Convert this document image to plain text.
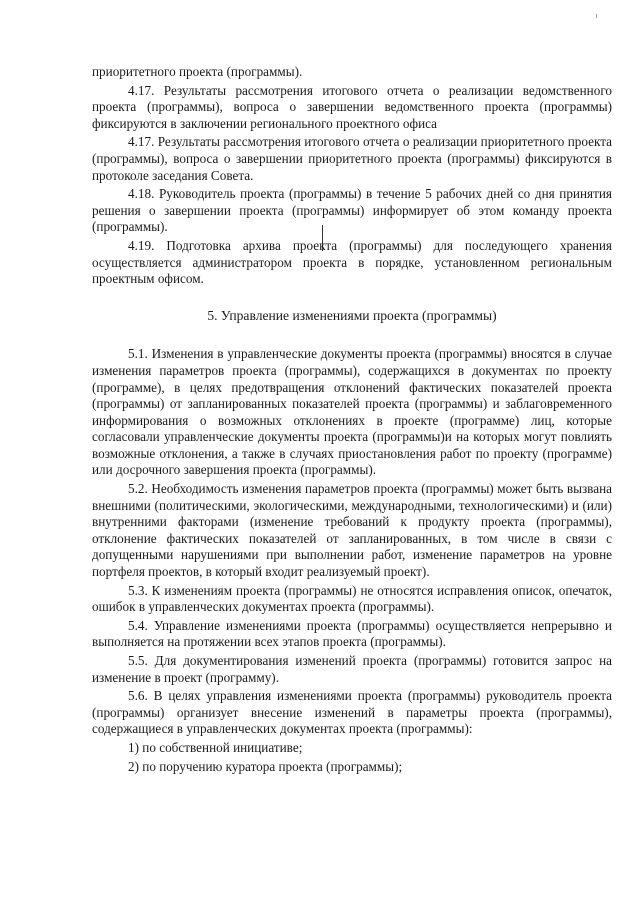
приоритетного проекта (программы).

4.17. Результаты рассмотрения итогового отчета о реализации ведомственного проекта (программы), вопроса о завершении ведомственного проекта (программы) фиксируются в заключении регионального проектного офиса

4.17. Результаты рассмотрения итогового отчета о реализации приоритетного проекта (программы), вопроса о завершении приоритетного проекта (программы) фиксируются в протоколе заседания Совета.

4.18. Руководитель проекта (программы) в течение 5 рабочих дней со дня принятия решения о завершении проекта (программы) информирует об этом команду проекта (программы).

4.19. Подготовка архива проекта (программы) для последующего хранения осуществляется администратором проекта в порядке, установленном региональным проектным офисом.

5. Управление изменениями проекта (программы)

5.1. Изменения в управленческие документы проекта (программы) вносятся в случае изменения параметров проекта (программы), содержащихся в документах по проекту (программе), в целях предотвращения отклонений фактических показателей проекта (программы) от запланированных показателей проекта (программы) и заблаговременного информирования о возможных отклонениях в проекте (программе) лиц, которые согласовали управленческие документы проекта (программы)и на которых могут повлиять возможные отклонения, а также в случаях приостановления работ по проекту (программе) или досрочного завершения проекта (программы).

5.2. Необходимость изменения параметров проекта (программы) может быть вызвана внешними (политическими, экологическими, международными, технологическими) и (или) внутренними факторами (изменение требований к продукту проекта (программы), отклонение фактических показателей от запланированных, в том числе в связи с допущенными нарушениями при выполнении работ, изменение параметров на уровне портфеля проектов, в который входит реализуемый проект).

5.3. К изменениям проекта (программы) не относятся исправления описок, опечаток, ошибок в управленческих документах проекта (программы).

5.4. Управление изменениями проекта (программы) осуществляется непрерывно и выполняется на протяжении всех этапов проекта (программы).

5.5. Для документирования изменений проекта (программы) готовится запрос на изменение в проект (программу).

5.6. В целях управления изменениями проекта (программы) руководитель проекта (программы) организует внесение изменений в параметры проекта (программы), содержащиеся в управленческих документах проекта (программы):

1) по собственной инициативе;

2) по поручению куратора проекта (программы);
